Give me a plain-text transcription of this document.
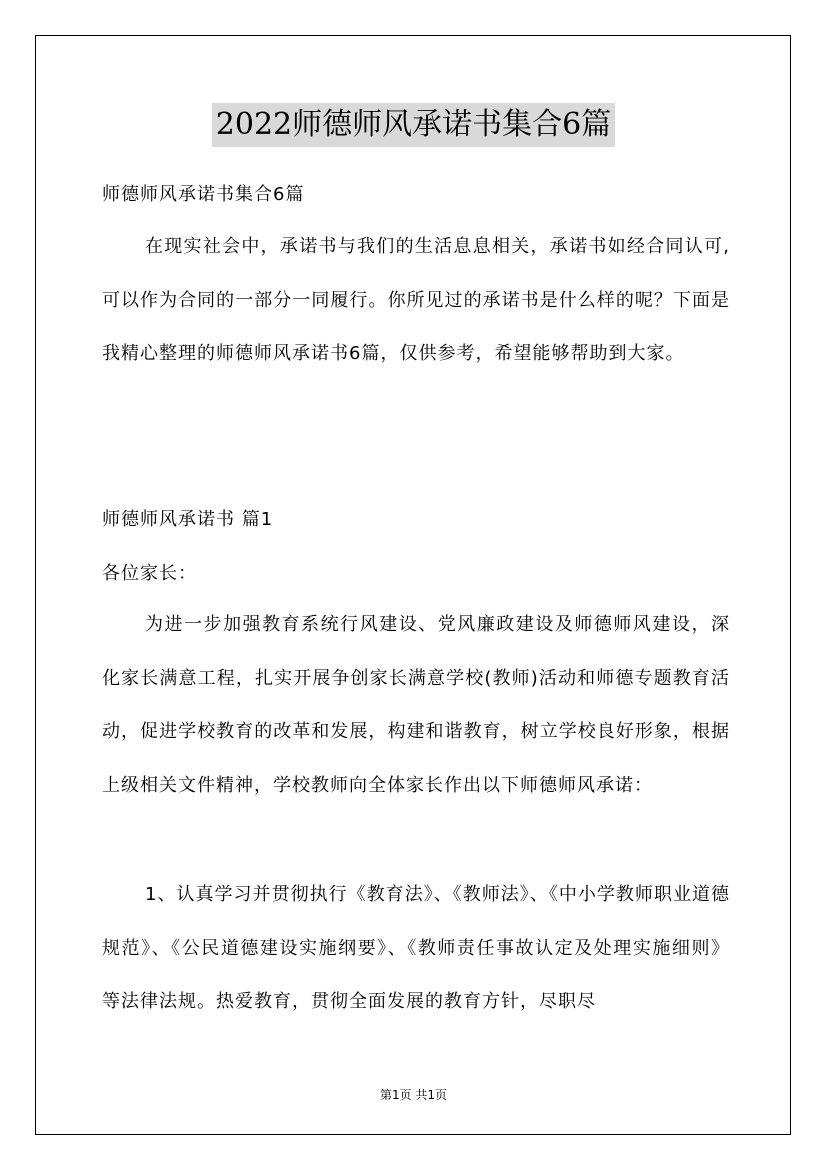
2022师德师风承诺书集合6篇

师德师风承诺书集合6篇

在现实社会中，承诺书与我们的生活息息相关，承诺书如经合同认可,可以作为合同的一部分一同履行。你所见过的承诺书是什么样的呢？下面是我精心整理的师德师风承诺书6篇，仅供参考，希望能够帮助到大家。

师德师风承诺书 篇1

各位家长：

为进一步加强教育系统行风建设、党风廉政建设及师德师风建设，深化家长满意工程，扎实开展争创家长满意学校(教师)活动和师德专题教育活动，促进学校教育的改革和发展，构建和谐教育，树立学校良好形象，根据上级相关文件精神，学校教师向全体家长作出以下师德师风承诺：

1、认真学习并贯彻执行《教育法》、《教师法》、《中小学教师职业道德规范》、《公民道德建设实施纲要》、《教师责任事故认定及处理实施细则》等法律法规。热爱教育，贯彻全面发展的教育方针，尽职尽

第1页 共1页
